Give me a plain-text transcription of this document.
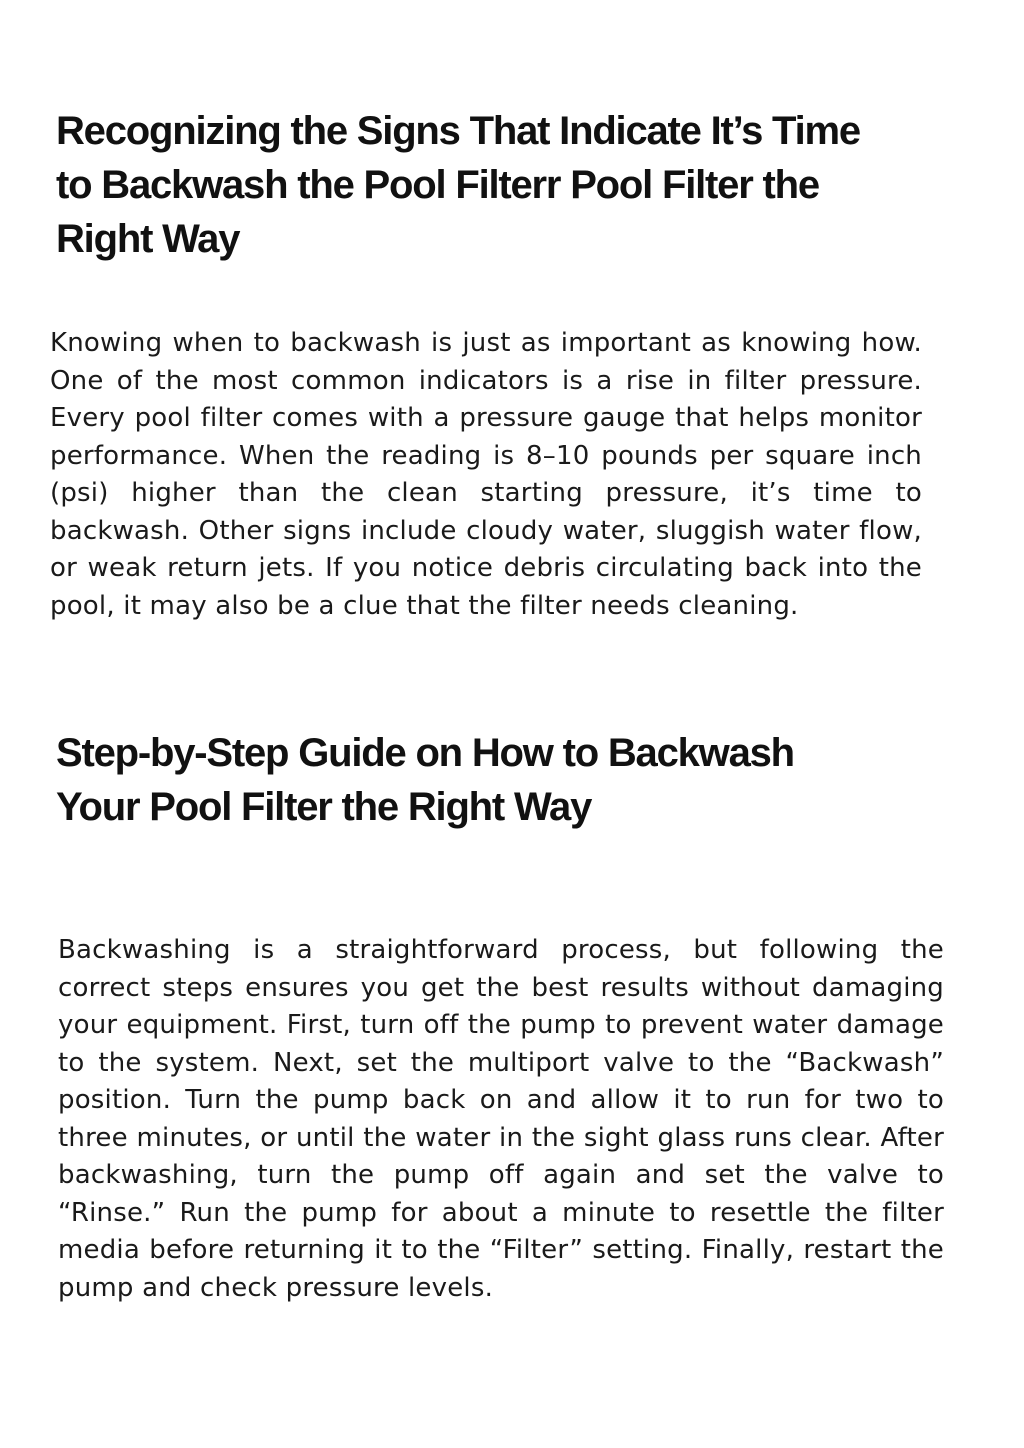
Recognizing the Signs That Indicate It’s Time to Backwash the Pool Filterr Pool Filter the Right Way

Knowing when to backwash is just as important as knowing how. One of the most common indicators is a rise in filter pressure. Every pool filter comes with a pressure gauge that helps monitor performance. When the reading is 8–10 pounds per square inch (psi) higher than the clean starting pressure, it’s time to backwash. Other signs include cloudy water, sluggish water flow, or weak return jets. If you notice debris circulating back into the pool, it may also be a clue that the filter needs cleaning.

Step-by-Step Guide on How to Backwash Your Pool Filter the Right Way

Backwashing is a straightforward process, but following the correct steps ensures you get the best results without damaging your equipment. First, turn off the pump to prevent water damage to the system. Next, set the multiport valve to the “Backwash” position. Turn the pump back on and allow it to run for two to three minutes, or until the water in the sight glass runs clear. After backwashing, turn the pump off again and set the valve to “Rinse.” Run the pump for about a minute to resettle the filter media before returning it to the “Filter” setting. Finally, restart the pump and check pressure levels.
